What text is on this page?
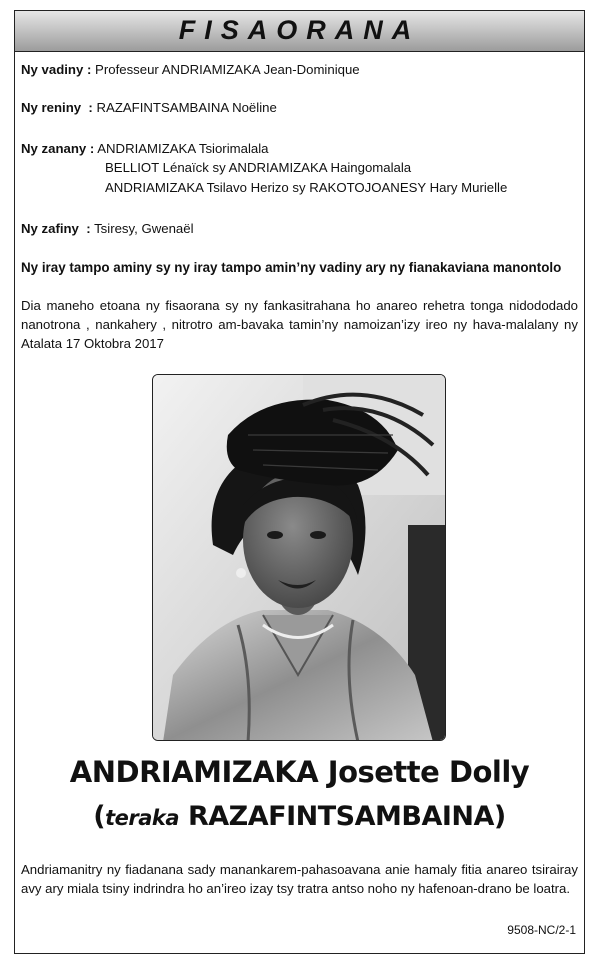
FISAORANA
Ny vadiny : Professeur ANDRIAMIZAKA Jean-Dominique
Ny reniny  : RAZAFINTSAMBAINA Noëline
Ny zanany : ANDRIAMIZAKA Tsiorimalala
BELLIOT Lénaïck sy ANDRIAMIZAKA Haingomalala
ANDRIAMIZAKA Tsilavo Herizo sy RAKOTOJOANESY Hary Murielle
Ny zafiny  : Tsiresy, Gwenaël
Ny iray tampo aminy sy ny iray tampo amin’ny vadiny ary ny fianakaviana manontolo
Dia maneho etoana ny fisaorana sy ny fankasitrahana ho anareo rehetra tonga nidododado nanotrona , nankahery , nitrotro am-bavaka tamin’ny namoizan’izy ireo ny hava-malalany ny Atalata 17 Oktobra 2017
ANDRIAMIZAKA Josette Dolly
(teraka RAZAFINTSAMBAINA)
Andriamanitry ny fiadanana sady manankarem-pahasoavana anie hamaly fitia anareo tsirairay avy ary miala tsiny indrindra ho an’ireo izay tsy tratra antso noho ny hafenoan-drano be loatra.
9508-NC/2-1
